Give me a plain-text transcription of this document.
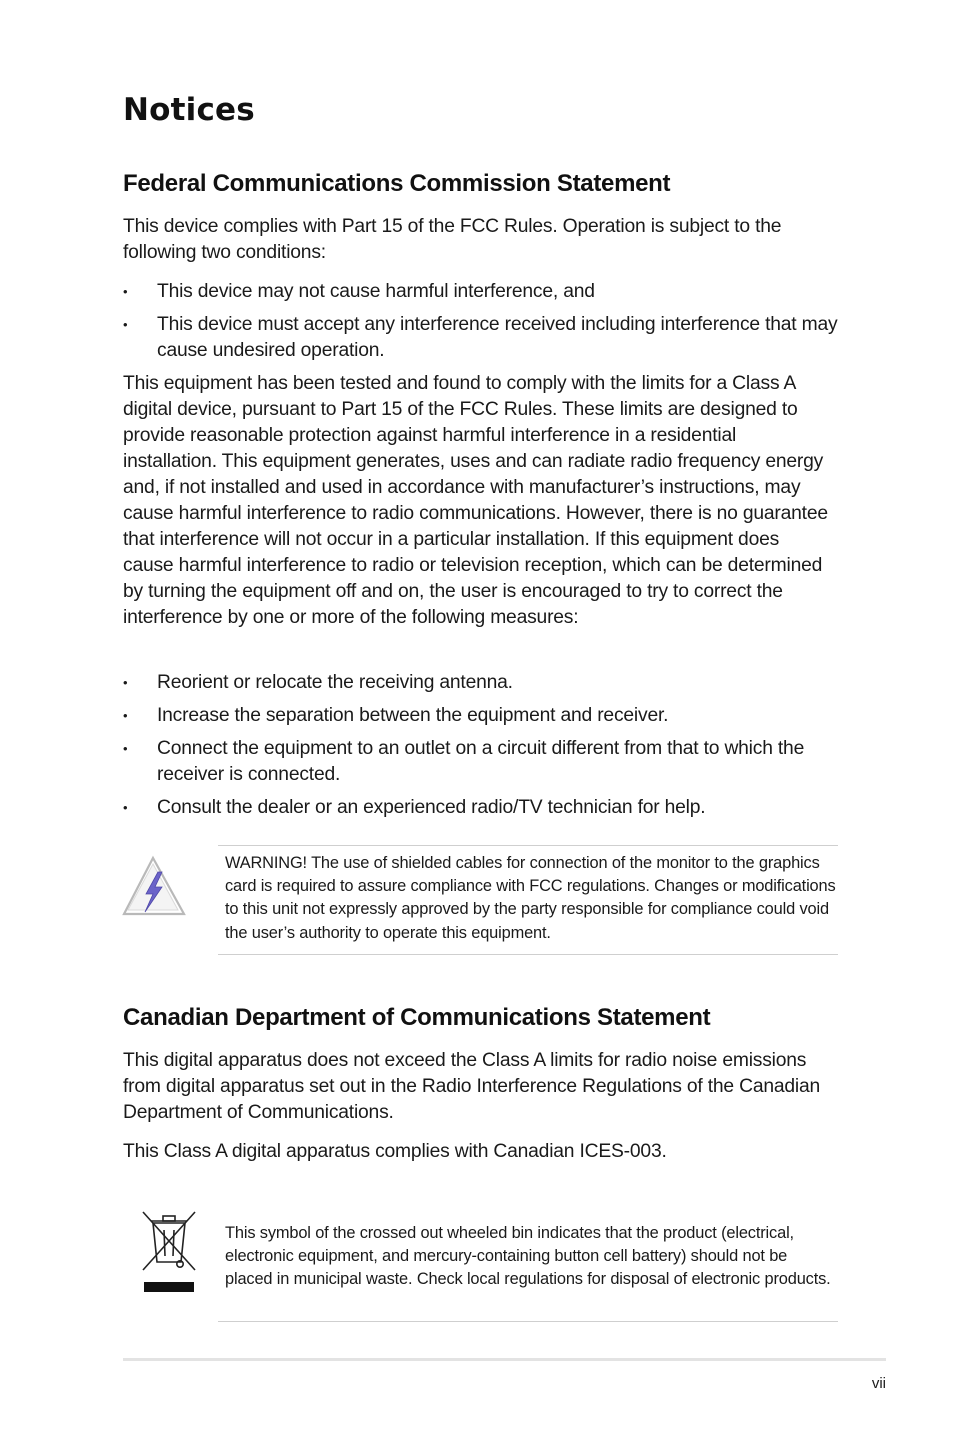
Notices
Federal Communications Commission Statement

This device complies with Part 15 of the FCC Rules. Operation is subject to the following two conditions:

•	This device may not cause harmful interference, and
•	This device must accept any interference received including interference that may cause undesired operation.

This equipment has been tested and found to comply with the limits for a Class A digital device, pursuant to Part 15 of the FCC Rules. These limits are designed to provide reasonable protection against harmful interference in a residential installation. This equipment generates, uses and can radiate radio frequency energy and, if not installed and used in accordance with manufacturer’s instructions, may cause harmful interference to radio communications. However, there is no guarantee that interference will not occur in a particular installation. If this equipment does cause harmful interference to radio or television reception, which can be determined by turning the equipment off and on, the user is encouraged to try to correct the interference by one or more of the following measures:

•	Reorient or relocate the receiving antenna.
•	Increase the separation between the equipment and receiver.
•	Connect the equipment to an outlet on a circuit different from that to which the receiver is connected.
•	Consult the dealer or an experienced radio/TV technician for help.
WARNING! The use of shielded cables for connection of the monitor to the graphics card is required to assure compliance with FCC regulations. Changes or modifications to this unit not expressly approved by the party responsible for compliance could void the user’s authority to operate this equipment.
Canadian Department of Communications Statement

This digital apparatus does not exceed the Class A limits for radio noise emissions from digital apparatus set out in the Radio Interference Regulations of the Canadian Department of Communications.

This Class A digital apparatus complies with Canadian ICES-003.

This symbol of the crossed out wheeled bin indicates that the product (electrical, electronic equipment, and mercury-containing button cell battery) should not be placed in municipal waste. Check local regulations for disposal of electronic products.
vii
